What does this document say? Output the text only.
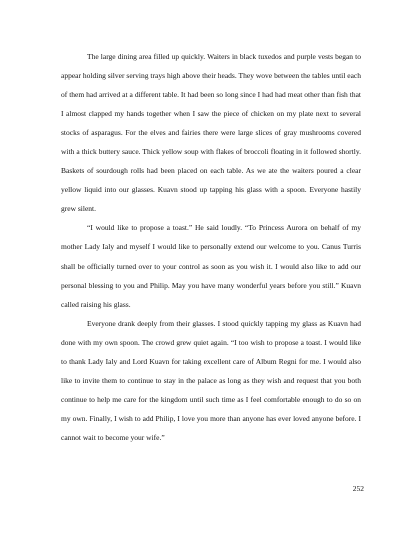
The large dining area filled up quickly. Waiters in black tuxedos and purple vests began to appear holding silver serving trays high above their heads. They wove between the tables until each of them had arrived at a different table. It had been so long since I had had meat other than fish that I almost clapped my hands together when I saw the piece of chicken on my plate next to several stocks of asparagus. For the elves and fairies there were large slices of gray mushrooms covered with a thick buttery sauce. Thick yellow soup with flakes of broccoli floating in it followed shortly. Baskets of sourdough rolls had been placed on each table. As we ate the waiters poured a clear yellow liquid into our glasses. Kuavn stood up tapping his glass with a spoon. Everyone hastily grew silent.

“I would like to propose a toast.” He said loudly. “To Princess Aurora on behalf of my mother Lady Ialy and myself I would like to personally extend our welcome to you. Canus Turris shall be officially turned over to your control as soon as you wish it. I would also like to add our personal blessing to you and Philip. May you have many wonderful years before you still.” Kuavn called raising his glass.

Everyone drank deeply from their glasses. I stood quickly tapping my glass as Kuavn had done with my own spoon. The crowd grew quiet again. “I too wish to propose a toast. I would like to thank Lady Ialy and Lord Kuavn for taking excellent care of Album Regni for me. I would also like to invite them to continue to stay in the palace as long as they wish and request that you both continue to help me care for the kingdom until such time as I feel comfortable enough to do so on my own. Finally, I wish to add Philip, I love you more than anyone has ever loved anyone before. I cannot wait to become your wife.”

252
